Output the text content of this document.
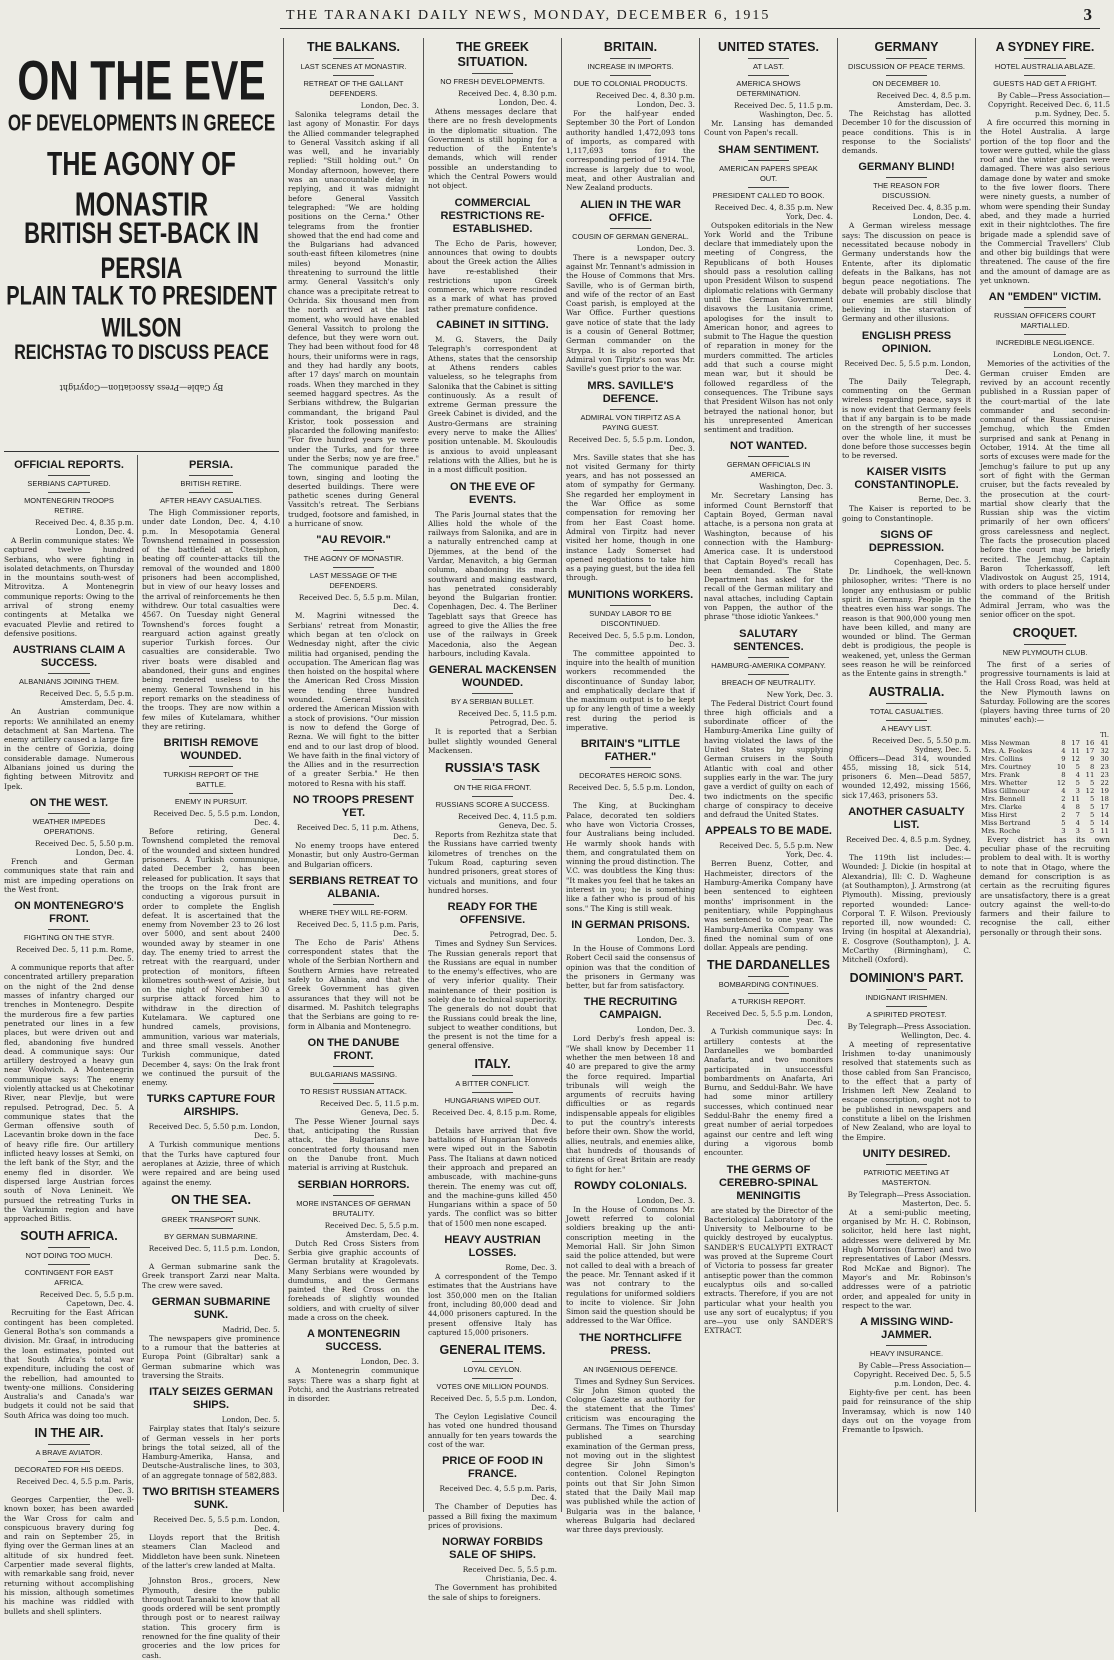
THE TARANAKI DAILY NEWS, MONDAY, DECEMBER 6, 1915	3
ON THE EVE
OF DEVELOPMENTS IN GREECE
THE AGONY OF MONASTIR
BRITISH SET-BACK IN PERSIA
PLAIN TALK TO PRESIDENT WILSON
REICHSTAG TO DISCUSS PEACE
By Cable—Press Association—Copyright
OFFICIAL REPORTS.
SERBIANS CAPTURED.
MONTENEGRIN TROOPS RETIRE.
Received Dec. 4, 8.35 p.m. London, Dec. 4.

A Berlin communique states: We captured twelve hundred Serbians, who were fighting in isolated detachments, on Thursday in the mountains south-west of Mitrovitza. A Montenegrin communique reports: Owing to the arrival of strong enemy contingents at Metalka we evacuated Plevlie and retired to defensive positions.

AUSTRIANS CLAIM A SUCCESS.
ALBANIANS JOINING THEM.
Received Dec. 5, 5.5 p.m. Amsterdam, Dec. 4.

An Austrian communique reports: We annihilated an enemy detachment at San Martena. The enemy artillery caused a large fire in the centre of Gorizia, doing considerable damage. Numerous Albanians joined us during the fighting between Mitrovitz and Ipek.

ON THE WEST.
WEATHER IMPEDES OPERATIONS.
Received Dec. 5, 5.50 p.m. London, Dec. 4.

French and German communiques state that rain and mist are impeding operations on the West front.

ON MONTENEGRO'S FRONT.
FIGHTING ON THE STYR.
Received Dec. 5, 11 p.m. Rome, Dec. 5.

A communique reports that after concentrated artillery preparation on the night of the 2nd dense masses of infantry charged our trenches in Montenegro. Despite the murderous fire a few parties penetrated our lines in a few places, but were driven out and fled, abandoning five hundred dead. A communique says: Our artillery destroyed a heavy gun near Woolwich. A Montenegrin communique says: The enemy violently attacked us at Chekotinar River, near Plevlje, but were repulsed. Petrograd, Dec. 5. A communique states that the German offensive south of Lacevantin broke down in the face of heavy rifle fire. Our artillery inflicted heavy losses at Semki, on the left bank of the Styr, and the enemy fled in disorder. We dispersed large Austrian forces south of Nova Lenineit. We pursued the retreating Turks in the Varkumin region and have approached Bitlis.

SOUTH AFRICA.
NOT DOING TOO MUCH.
CONTINGENT FOR EAST AFRICA.
Received Dec. 5, 5.5 p.m. Capetown, Dec. 4.

Recruiting for the East African contingent has been completed. General Botha's son commands a division. Mr. Graaf, in introducing the loan estimates, pointed out that South Africa's total war expenditure, including the cost of the rebellion, had amounted to twenty-one millions. Considering Australia's and Canada's war budgets it could not be said that South Africa was doing too much.

IN THE AIR.
A BRAVE AVIATOR.
DECORATED FOR HIS DEEDS.
Received Dec. 4, 5.5 p.m. Paris, Dec. 3.

Georges Carpentier, the well-known boxer, has been awarded the War Cross for calm and conspicuous bravery during fog and rain on September 25, in flying over the German lines at an altitude of six hundred feet. Carpentier made several flights, with remarkable sang froid, never returning without accomplishing his mission, although sometimes his machine was riddled with bullets and shell splinters.

PERSIA.
BRITISH RETIRE.
AFTER HEAVY CASUALTIES.

The High Commissioner reports, under date London, Dec. 4, 4.10 p.m. In Mesopotamia General Townshend remained in possession of the battlefield at Ctesiphon, beating off counter-attacks till the removal of the wounded and 1800 prisoners had been accomplished, but in view of our heavy losses and the arrival of reinforcements he then withdrew. Our total casualties were 4567. On Tuesday night General Townshend's forces fought a rearguard action against greatly superior Turkish forces. Our casualties are considerable. Two river boats were disabled and abandoned, their guns and engines being rendered useless to the enemy. General Townshend in his report remarks on the steadiness of the troops. They are now within a few miles of Kutelamara, whither they are retiring.

BRITISH REMOVE WOUNDED.
TURKISH REPORT OF THE BATTLE.
ENEMY IN PURSUIT.
Received Dec. 5, 5.5 p.m. London, Dec. 4.

Before retiring, General Townshend completed the removal of the wounded and sixteen hundred prisoners. A Turkish communique, dated December 2, has been released for publication. It says that the troops on the Irak front are conducting a vigorous pursuit in order to complete the English defeat. It is ascertained that the enemy from November 23 to 26 lost over 5000, and sent about 2400 wounded away by steamer in one day. The enemy tried to arrest the retreat with the rearguard, under protection of monitors, fifteen kilometres south-west of Azisie, but on the night of November 30 a surprise attack forced him to withdraw in the direction of Kutelamara. We captured one hundred camels, provisions, ammunition, various war materials, and three small vessels. Another Turkish communique, dated December 4, says: On the Irak front we continued the pursuit of the enemy.

TURKS CAPTURE FOUR AIRSHIPS.
Received Dec. 5, 5.50 p.m. London, Dec. 5.

A Turkish communique mentions that the Turks have captured four aeroplanes at Azizie, three of which were repaired and are being used against the enemy.

ON THE SEA.
GREEK TRANSPORT SUNK.
BY GERMAN SUBMARINE.
Received Dec. 5, 11.5 p.m. London, Dec. 5.

A German submarine sank the Greek transport Zarzi near Malta. The crew were saved.

GERMAN SUBMARINE SUNK.
Madrid, Dec. 5.

The newspapers give prominence to a rumour that the batteries at Europa Point (Gibraltar) sank a German submarine which was traversing the Straits.

ITALY SEIZES GERMAN SHIPS.
London, Dec. 5.

Fairplay states that Italy's seizure of German vessels in her ports brings the total seized, all of the Hamburg-Amerika, Hansa, and Deutsche-Australische lines, to 303, of an aggregate tonnage of 582,883.

TWO BRITISH STEAMERS SUNK.
Received Dec. 5, 5.5 p.m. London, Dec. 4.

Lloyds report that the British steamers Clan Macleod and Middleton have been sunk. Nineteen of the latter's crew landed at Malta.

Johnston Bros., grocers, New Plymouth, desire the public throughout Taranaki to know that all goods ordered will be sent promptly through post or to nearest railway station. This grocery firm is renowned for the fine quality of their groceries and the low prices for cash.

THE BALKANS.
LAST SCENES AT MONASTIR.
RETREAT OF THE GALLANT DEFENDERS.
London, Dec. 3.

Salonika telegrams detail the last agony of Monastir. For days the Allied commander telegraphed to General Vassitch asking if all was well, and he invariably replied: "Still holding out." On Monday afternoon, however, there was an unaccountable delay in replying, and it was midnight before General Vassitch telegraphed: "We are holding positions on the Cerna." Other telegrams from the frontier showed that the end had come and the Bulgarians had advanced south-east fifteen kilometres (nine miles) beyond Monastir, threatening to surround the little army. General Vassitch's only chance was a precipitate retreat to Ochrida. Six thousand men from the north arrived at the last moment, who would have enabled General Vassitch to prolong the defence, but they were worn out. They had been without food for 48 hours, their uniforms were in rags, and they had hardly any boots, after 17 days' march on mountain roads. When they marched in they seemed haggard spectres. As the Serbians withdrew, the Bulgarian commandant, the brigand Paul Kristor, took possession and placarded the following manifesto: "For five hundred years ye were under the Turks, and for three under the Serbs; now ye are free." The communique paraded the town, singing and looting the deserted buildings. There were pathetic scenes during General Vassitch's retreat. The Serbians trudged, footsore and famished, in a hurricane of snow.

"AU REVOIR."
THE AGONY OF MONASTIR.
LAST MESSAGE OF THE DEFENDERS.
Received Dec. 5, 5.5 p.m. Milan, Dec. 4.

M. Magrini witnessed the Serbians' retreat from Monastir, which began at ten o'clock on Wednesday night, after the civic militia had organised, pending the occupation. The American flag was then hoisted on the hospital where the American Red Cross Mission were tending three hundred wounded. General Vassitch ordered the American Mission with a stock of provisions. "Our mission is now to defend the Gorge of Rezna. We will fight to the bitter end and to our last drop of blood. We have faith in the final victory of the Allies and in the resurrection of a greater Serbia." He then motored to Resna with his staff.

NO TROOPS PRESENT YET.
Received Dec. 5, 11 p.m. Athens, Dec. 5.

No enemy troops have entered Monastir, but only Austro-German and Bulgarian officers.

SERBIANS RETREAT TO ALBANIA.
WHERE THEY WILL RE-FORM.
Received Dec. 5, 11.5 p.m. Paris, Dec. 5.

The Echo de Paris' Athens correspondent states that the whole of the Serbian Northern and Southern Armies have retreated safely to Albania, and that the Greek Government has given assurances that they will not be disarmed. M. Pashitch telegraphs that the Serbians are going to re-form in Albania and Montenegro.

ON THE DANUBE FRONT.
BULGARIANS MASSING.
TO RESIST RUSSIAN ATTACK.
Received Dec. 5, 11.5 p.m. Geneva, Dec. 5.

The Pesse Wiener Journal says that, anticipating the Russian attack, the Bulgarians have concentrated forty thousand men on the Danube front. Much material is arriving at Rustchuk.

SERBIAN HORRORS.
MORE INSTANCES OF GERMAN BRUTALITY.
Received Dec. 5, 5.5 p.m. Amsterdam, Dec. 4.

Dutch Red Cross Sisters from Serbia give graphic accounts of German brutality at Kragolevats. Many Serbians were wounded by dumdums, and the Germans painted the Red Cross on the foreheads of slightly wounded soldiers, and with cruelty of silver made a cross on the cheek.

A MONTENEGRIN SUCCESS.
London, Dec. 3.

A Montenegrin communique says: There was a sharp fight at Potchi, and the Austrians retreated in disorder.

THE GREEK SITUATION.
NO FRESH DEVELOPMENTS.
Received Dec. 4, 8.30 p.m. London, Dec. 4.

Athens messages declare that there are no fresh developments in the diplomatic situation. The Government is still hoping for a reduction of the Entente's demands, which will render possible an understanding to which the Central Powers would not object.

COMMERCIAL RESTRICTIONS RE-ESTABLISHED.

The Echo de Paris, however, announces that owing to doubts about the Greek action the Allies have re-established their restrictions upon Greek commerce, which were rescinded as a mark of what has proved rather premature confidence.

CABINET IN SITTING.

M. G. Stavers, the Daily Telegraph's correspondent at Athens, states that the censorship at Athens renders cables valueless, so he telegraphs from Salonika that the Cabinet is sitting continuously. As a result of extreme German pressure the Greek Cabinet is divided, and the Austro-Germans are straining every nerve to make the Allies' position untenable. M. Skouloudis is anxious to avoid unpleasant relations with the Allies, but he is in a most difficult position.

ON THE EVE OF EVENTS.

The Paris Journal states that the Allies hold the whole of the railways from Salonika, and are in a naturally entrenched camp at Djemmes, at the bend of the Vardar, Menavitch, a big German column, abandoning its march southward and making eastward, has penetrated considerably beyond the Bulgarian frontier. Copenhagen, Dec. 4. The Berliner Tageblatt says that Greece has agreed to give the Allies the free use of the railways in Greek Macedonia, also the Aegean harbours, including Kavala.

GENERAL MACKENSEN WOUNDED.
BY A SERBIAN BULLET.
Received Dec. 5, 11.5 p.m. Petrograd, Dec. 5.

It is reported that a Serbian bullet slightly wounded General Mackensen.

RUSSIA'S TASK
ON THE RIGA FRONT.
RUSSIANS SCORE A SUCCESS.
Received Dec. 4, 11.5 p.m. Geneva, Dec. 5.

Reports from Rezhitza state that the Russians have carried twenty kilometres of trenches on the Tukum Road, capturing seven hundred prisoners, great stores of victuals and munitions, and four hundred horses.

READY FOR THE OFFENSIVE.
Petrograd, Dec. 5.

Times and Sydney Sun Services. The Russian generals report that the Russians are equal in number to the enemy's effectives, who are of very inferior quality. Their maintenance of their position is solely due to technical superiority. The generals do not doubt that the Russians could break the line, subject to weather conditions, but the present is not the time for a general offensive.

ITALY.
A BITTER CONFLICT.
HUNGARIANS WIPED OUT.
Received Dec. 4, 8.15 p.m. Rome, Dec. 4.

Details have arrived that five battalions of Hungarian Honveds were wiped out in the Sabotin Pass. The Italians at dawn noticed their approach and prepared an ambuscade, with machine-guns therein. The enemy was cut off, and the machine-guns killed 450 Hungarians within a space of 50 yards. The conflict was so bitter that of 1500 men none escaped.

HEAVY AUSTRIAN LOSSES.
Rome, Dec. 3.

A correspondent of the Tempo estimates that the Austrians have lost 350,000 men on the Italian front, including 80,000 dead and 44,000 prisoners captured. In the present offensive Italy has captured 15,000 prisoners.

GENERAL ITEMS.
LOYAL CEYLON.
VOTES ONE MILLION POUNDS.
Received Dec. 5, 5.5 p.m. London, Dec. 4.

The Ceylon Legislative Council has voted one hundred thousand annually for ten years towards the cost of the war.

PRICE OF FOOD IN FRANCE.
Received Dec. 4, 5.5 p.m. Paris, Dec. 4.

The Chamber of Deputies has passed a Bill fixing the maximum prices of provisions.

NORWAY FORBIDS SALE OF SHIPS.
Received Dec. 5, 5.5 p.m. Christiania, Dec. 4.

The Government has prohibited the sale of ships to foreigners.

BRITAIN.
INCREASE IN IMPORTS.
DUE TO COLONIAL PRODUCTS.
Received Dec. 4, 8.30 p.m. London, Dec. 3.

For the half-year ended September 30 the Port of London authority handled 1,472,093 tons of imports, as compared with 1,117,693 tons for the corresponding period of 1914. The increase is largely due to wool, meat, and other Australian and New Zealand products.

ALIEN IN THE WAR OFFICE.
COUSIN OF GERMAN GENERAL.
London, Dec. 3.

There is a newspaper outcry against Mr. Tennant's admission in the House of Commons that Mrs. Saville, who is of German birth, and wife of the rector of an East Coast parish, is employed at the War Office. Further questions gave notice of state that the lady is a cousin of General Bottmer, German commander on the Strypa. It is also reported that Admiral von Tirpitz's son was Mr. Saville's guest prior to the war.

MRS. SAVILLE'S DEFENCE.
ADMIRAL VON TIRPITZ AS A PAYING GUEST.
Received Dec. 5, 5.5 p.m. London, Dec. 3.

Mrs. Saville states that she has not visited Germany for thirty years, and has not possessed an atom of sympathy for Germany. She regarded her employment in the War Office as some compensation for removing her from her East Coast home. Admiral von Tirpitz had never visited her home, though in one instance Lady Somerset had opened negotiations to take him as a paying guest, but the idea fell through.

MUNITIONS WORKERS.
SUNDAY LABOR TO BE DISCONTINUED.
Received Dec. 5, 5.5 p.m. London, Dec. 3.

The committee appointed to inquire into the health of munition workers recommended the discontinuance of Sunday labor, and emphatically declare that if the maximum output is to be kept up for any length of time a weekly rest during the period is imperative.

BRITAIN'S "LITTLE FATHER."
DECORATES HEROIC SONS.
Received Dec. 5, 5.5 p.m. London, Dec. 4.

The King, at Buckingham Palace, decorated ten soldiers who have won Victoria Crosses, four Australians being included. He warmly shook hands with them, and congratulated them on winning the proud distinction. The V.C. was doubtless the King thus: "It makes you feel that he takes an interest in you; he is something like a father who is proud of his sons." The King is still weak.

IN GERMAN PRISONS.
London, Dec. 3.

In the House of Commons Lord Robert Cecil said the consensus of opinion was that the condition of the prisoners in Germany was better, but far from satisfactory.

THE RECRUITING CAMPAIGN.
London, Dec. 3.

Lord Derby's fresh appeal is: "We shall know by December 11 whether the men between 18 and 40 are prepared to give the army the force required. Impartial tribunals will weigh the arguments of recruits having difficulties or as regards indispensable appeals for eligibles to put the country's interests before their own. Show the world, allies, neutrals, and enemies alike, that hundreds of thousands of citizens of Great Britain are ready to fight for her."

ROWDY COLONIALS.
London, Dec. 3.

In the House of Commons Mr. Jowett referred to colonial soldiers breaking up the anti-conscription meeting in the Memorial Hall. Sir John Simon said the police attended, but were not called to deal with a breach of the peace. Mr. Tennant asked if it was not contrary to the regulations for uniformed soldiers to incite to violence. Sir John Simon said the question should be addressed to the War Office.

THE NORTHCLIFFE PRESS.
AN INGENIOUS DEFENCE.
Times and Sydney Sun Services.

Sir John Simon quoted the Cologne Gazette as authority for the statement that the Times' criticism was encouraging the Germans. The Times on Thursday published a searching examination of the German press, not moving out in the slightest degree Sir John Simon's contention. Colonel Repington points out that Sir John Simon stated that the Daily Mail map was published while the action of Bulgaria was in the balance, whereas Bulgaria had declared war three days previously.

UNITED STATES.
AT LAST.
AMERICA SHOWS DETERMINATION.
Received Dec. 5, 11.5 p.m. Washington, Dec. 5.

Mr. Lansing has demanded Count von Papen's recall.

SHAM SENTIMENT.
AMERICAN PAPERS SPEAK OUT.
PRESIDENT CALLED TO BOOK.
Received Dec. 4, 8.35 p.m. New York, Dec. 4.

Outspoken editorials in the New York World and the Tribune declare that immediately upon the meeting of Congress, the Republicans of both Houses should pass a resolution calling upon President Wilson to suspend diplomatic relations with Germany until the German Government disavows the Lusitania crime, apologises for the insult to American honor, and agrees to submit to The Hague the question of reparation in money for the murders committed. The articles add that such a course might mean war, but it should be followed regardless of the consequences. The Tribune says that President Wilson has not only betrayed the national honor, but his unrepresented American sentiment and tradition.

NOT WANTED.
GERMAN OFFICIALS IN AMERICA.
Washington, Dec. 3.

Mr. Secretary Lansing has informed Count Bernstorff that Captain Boyed, German naval attache, is a persona non grata at Washington, because of his connection with the Hamburg-America case. It is understood that Captain Boyed's recall has been demanded. The State Department has asked for the recall of the German military and naval attaches, including Captain von Pappen, the author of the phrase "those idiotic Yankees."

SALUTARY SENTENCES.
HAMBURG-AMERIKA COMPANY.
BREACH OF NEUTRALITY.
New York, Dec. 3.

The Federal District Court found three high officials and a subordinate officer of the Hamburg-Amerika Line guilty of having violated the laws of the United States by supplying German cruisers in the South Atlantic with coal and other supplies early in the war. The jury gave a verdict of guilty on each of two indictments on the specific charge of conspiracy to deceive and defraud the United States.

APPEALS TO BE MADE.
Received Dec. 5, 5.5 p.m. New York, Dec. 4.

Berren Buenz, Cotter, and Hachmeister, directors of the Hamburg-Amerika Company have been sentenced to eighteen months' imprisonment in the penitentiary, while Poppinghaus was sentenced to one year. The Hamburg-Amerika Company was fined the nominal sum of one dollar. Appeals are pending.

THE DARDANELLES
BOMBARDING CONTINUES.
A TURKISH REPORT.
Received Dec. 5, 5.5 p.m. London, Dec. 4.

A Turkish communique says: In artillery contests at the Dardanelles we bombarded Anafarta, and two monitors participated in unsuccessful bombardments on Anafarta, Ari Burnu, and Seddul-Bahr. We have had some minor artillery successes, which continued near Seddul-Bahr the enemy fired a great number of aerial torpedoes against our centre and left wing during a vigorous bomb encounter.

THE GERMS OF CEREBRO-SPINAL MENINGITIS

are stated by the Director of the Bacteriological Laboratory of the University to Melbourne to be quickly destroyed by eucalyptus. SANDER'S EUCALYPTI EXTRACT was proved at the Supreme Court of Victoria to possess far greater antiseptic power than the common eucalyptus oils and so-called extracts. Therefore, if you are not particular what your health you use any sort of eucalyptus; if you are—you use only SANDER'S EXTRACT.

GERMANY
DISCUSSION OF PEACE TERMS.
ON DECEMBER 10.
Received Dec. 4, 8.5 p.m. Amsterdam, Dec. 3.

The Reichstag has allotted December 10 for the discussion of peace conditions. This is in response to the Socialists' demands.

GERMANY BLIND!
THE REASON FOR DISCUSSION.
Received Dec. 4, 8.35 p.m. London, Dec. 4.

A German wireless message says: The discussion on peace is necessitated because nobody in Germany understands how the Entente, after its diplomatic defeats in the Balkans, has not begun peace negotiations. The debate will probably disclose that our enemies are still blindly believing in the starvation of Germany and other illusions.

ENGLISH PRESS OPINION.
Received Dec. 5, 5.5 p.m. London, Dec. 4.

The Daily Telegraph, commenting on the German wireless regarding peace, says it is now evident that Germany feels that if any bargain is to be made on the strength of her successes over the whole line, it must be done before those successes begin to be reversed.

KAISER VISITS CONSTANTINOPLE.
Berne, Dec. 3.

The Kaiser is reported to be going to Constantinople.

SIGNS OF DEPRESSION.
Copenhagen, Dec. 5.

Dr. Lindhoek, the well-known philosopher, writes: "There is no longer any enthusiasm or public spirit in Germany. People in the theatres even hiss war songs. The reason is that 900,000 young men have been killed, and many are wounded or blind. The German debt is prodigious, the people is weakened, yet, unless the German sees reason he will be reinforced as the Entente gains in strength."

AUSTRALIA.
TOTAL CASUALTIES.
A HEAVY LIST.
Received Dec. 5, 5.50 p.m. Sydney, Dec. 5.

Officers—Dead 314, wounded 455, missing 18, sick 514, prisoners 6. Men—Dead 5857, wounded 12,492, missing 1566, sick 17,463, prisoners 53.

ANOTHER CASUALTY LIST.
Received Dec. 4, 8.5 p.m. Sydney, Dec. 4.

The 119th list includes:—Wounded: J. Dickie (in hospital at Alexandria), Ill: C. D. Wagheune (at Southampton), J. Armstrong (at Plymouth). Missing, previously reported wounded: Lance-Corporal T. F. Wilson. Previously reported ill, now wounded: C. Irving (in hospital at Alexandria), E. Cosgrove (Southampton), J. A. McCarthy (Birmingham), C. Mitchell (Oxford).

DOMINION'S PART.
INDIGNANT IRISHMEN.
A SPIRITED PROTEST.
By Telegraph—Press Association. Wellington, Dec. 4.

A meeting of representative Irishmen to-day unanimously resolved that statements such as those cabled from San Francisco, to the effect that a party of Irishmen left New Zealand to escape conscription, ought not to be published in newspapers and constitute a libel on the Irishmen of New Zealand, who are loyal to the Empire.

UNITY DESIRED.
PATRIOTIC MEETING AT MASTERTON.
By Telegraph—Press Association. Masterton, Dec. 5.

At a semi-public meeting, organised by Mr. H. C. Robinson, solicitor, held here last night, addresses were delivered by Mr. Hugh Morrison (farmer) and two representatives of Labor (Messrs. Rod McKae and Bignor). The Mayor's and Mr. Robinson's addresses were of a patriotic order, and appealed for unity in respect to the war.

A MISSING WIND-JAMMER.
HEAVY INSURANCE.
By Cable—Press Association—Copyright. Received Dec. 5, 5.5 p.m. London, Dec. 4.

Eighty-five per cent. has been paid for reinsurance of the ship Inveramsay, which is now 140 days out on the voyage from Fremantle to Ipswich.

A SYDNEY FIRE.
HOTEL AUSTRALIA ABLAZE.
GUESTS HAD GET A FRIGHT.
By Cable—Press Association—Copyright. Received Dec. 6, 11.5 p.m. Sydney, Dec. 5.

A fire occurred this morning in the Hotel Australia. A large portion of the top floor and the tower were gutted, while the glass roof and the winter garden were damaged. There was also serious damage done by water and smoke to the five lower floors. There were ninety guests, a number of whom were spending their Sunday abed, and they made a hurried exit in their nightclothes. The fire brigade made a splendid save of the Commercial Travellers' Club and other big buildings that were threatened. The cause of the fire and the amount of damage are as yet unknown.

AN "EMDEN" VICTIM.
RUSSIAN OFFICERS COURT MARTIALLED.
INCREDIBLE NEGLIGENCE.
London, Oct. 7.

Memories of the activities of the German cruiser Emden are revived by an account recently published in a Russian paper of the court-martial of the late commander and second-in-command of the Russian cruiser Jemchug, which the Emden surprised and sank at Penang in October, 1914. At the time all sorts of excuses were made for the Jemchug's failure to put up any sort of fight with the German cruiser, but the facts revealed by the prosecution at the court-martial show clearly that the Russian ship was the victim primarily of her own officers' gross carelessness and neglect. The facts the prosecution placed before the court may be briefly recited. The Jemchug, Captain Baron Tcherkassoff, left Vladivostok on August 25, 1914, with orders to place herself under the command of the British Admiral Jerram, who was the senior officer on the spot.

CROQUET.
NEW PLYMOUTH CLUB.

The first of a series of progressive tournaments is laid at the Hall Cross Road, was held at the New Plymouth lawns on Saturday. Following are the scores (players having three turns of 20 minutes' each):—

				Tl.
Miss Newman	8	17	16	41
Mrs. A. Fookes	4	11	17	32
Mrs. Collins	9	12	9	30
Mrs. Courtney	10	5	8	23
Mrs. Frank	8	4	11	23
Mrs. Whetter	12	5	5	22
Miss Gillmour	4	3	12	19
Mrs. Bennell	2	11	5	18
Mrs. Clarke	4	8	5	17
Miss Hirst	2	7	5	14
Miss Bertrand	5	4	5	14
Mrs. Roche	3	3	5	11

Every district has its own peculiar phase of the recruiting problem to deal with. It is worthy to note that in Otago, where the demand for conscription is as certain as the recruiting figures are unsatisfactory, there is a great outcry against the well-to-do farmers and their failure to recognise the call, either personally or through their sons.
